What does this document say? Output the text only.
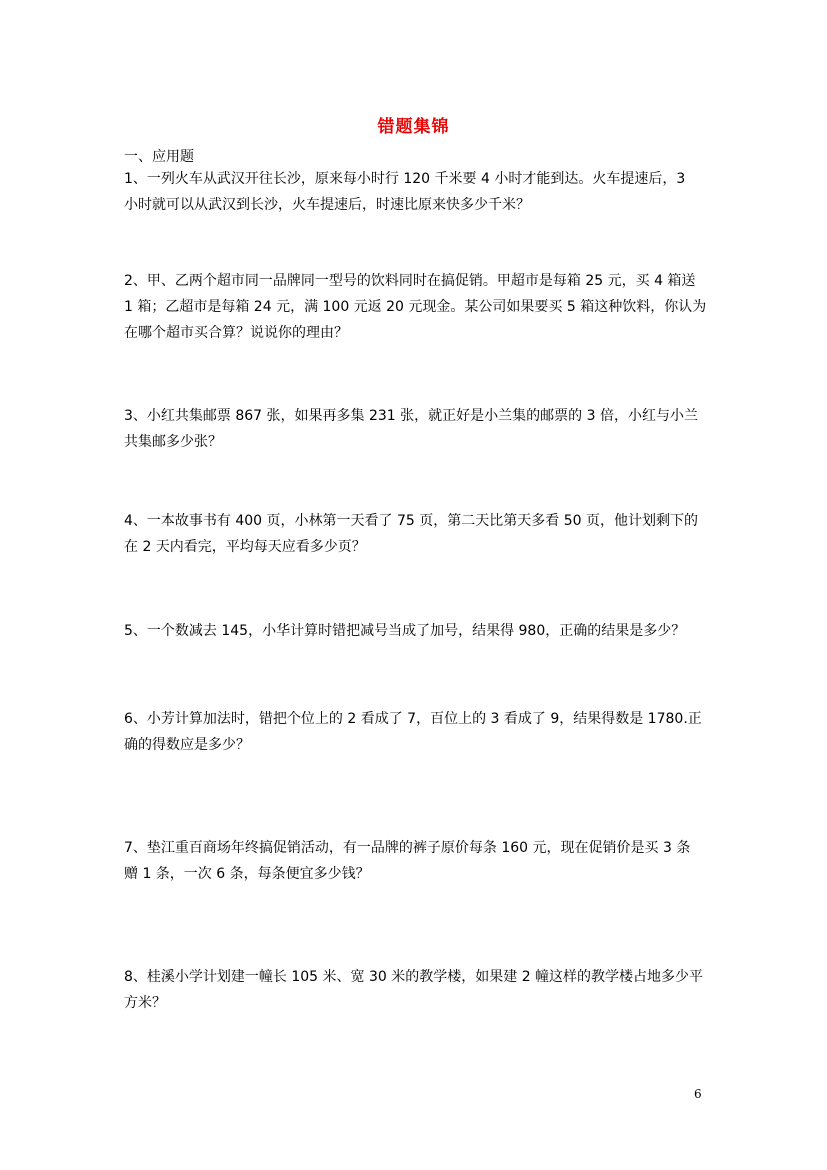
错题集锦
一、应用题
1、一列火车从武汉开往长沙，原来每小时行 120 千米要 4 小时才能到达。火车提速后，3
小时就可以从武汉到长沙，火车提速后，时速比原来快多少千米？
2、甲、乙两个超市同一品牌同一型号的饮料同时在搞促销。甲超市是每箱 25 元，买 4 箱送
1 箱；乙超市是每箱 24 元，满 100 元返 20 元现金。某公司如果要买 5 箱这种饮料，你认为
在哪个超市买合算？说说你的理由？
3、小红共集邮票 867 张，如果再多集 231 张，就正好是小兰集的邮票的 3 倍，小红与小兰
共集邮多少张？
4、一本故事书有 400 页，小林第一天看了 75 页，第二天比第天多看 50 页，他计划剩下的
在 2 天内看完，平均每天应看多少页？
5、一个数减去 145，小华计算时错把减号当成了加号，结果得 980，正确的结果是多少？
6、小芳计算加法时，错把个位上的 2 看成了 7，百位上的 3 看成了 9，结果得数是 1780.正
确的得数应是多少？
7、垫江重百商场年终搞促销活动，有一品牌的裤子原价每条 160 元，现在促销价是买 3 条
赠 1 条，一次 6 条，每条便宜多少钱？
8、桂溪小学计划建一幢长 105 米、宽 30 米的教学楼，如果建 2 幢这样的教学楼占地多少平
方米？
6
